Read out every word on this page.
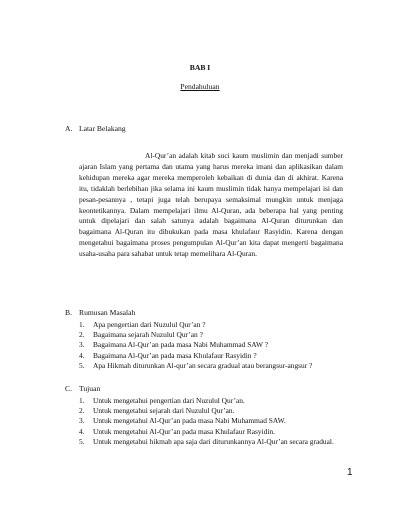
BAB I
Pendahuluan
A. Latar Belakang
Al-Qur’an adalah kitab suci kaum muslimin dan menjadi sumber ajaran Islam yang pertama dan utama yang harus mereka imani dan aplikasikan dalam kehidupan mereka agar mereka memperoleh kebaikan di dunia dan di akhirat. Karena itu, tidaklah berlebihan jika selama ini kaum muslimin tidak hanya mempelajari isi dan pesan-pesannya , tetapi juga telah berupaya semaksimal mungkin untuk menjaga keontetikannya. Dalam mempelajari ilmu Al-Quran, ada beberapa hal yang penting untuk dipelajari dan salah satunya adalah bagaimana Al-Quran diturunkan dan bagaimana Al-Quran itu dibukukan pada masa khulafaur Rasyidin. Karena dengan mengetahui bagaimana proses pengumpulan Al-Qur’an kita dapat mengerti bagaimana usaha-usaha para sahabat untuk tetap memelihara Al-Quran.
B. Rumusan Masalah
1. Apa pengertian dari Nuzulul Qur’an ?
2. Bagaimana sejarah Nuzulul Qur’an ?
3. Bagaimana Al-Qur’an pada masa Nabi Muhammad SAW ?
4. Bagaimana Al-Qur’an pada masa Khulafaur Rasyidin ?
5. Apa Hikmah diturunkan Al-qur’an secara gradual atau berangsur-angsur ?
C. Tujuan
1. Untuk mengetahui pengertian dari Nuzulul Qur’an.
2. Untuk mengetahui sejarah dari Nuzulul Qur’an.
3. Untuk mengetahui Al-Qur’an pada masa Nabi Muhammad SAW.
4. Untuk mengetahui Al-Qur’an pada masa Khulafaur Rasyidin.
5. Untuk mengetahui hikmah apa saja dari diturunkannya Al-Qur’an secara gradual.
1
